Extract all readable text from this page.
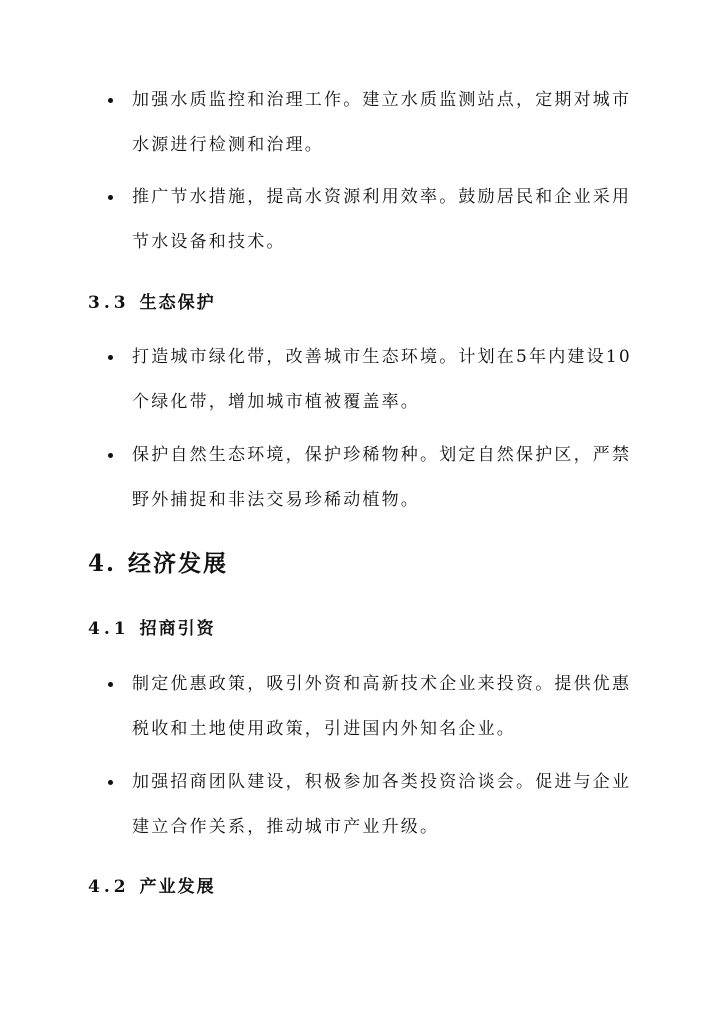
加强水质监控和治理工作。建立水质监测站点，定期对城市水源进行检测和治理。
推广节水措施，提高水资源利用效率。鼓励居民和企业采用节水设备和技术。
3.3 生态保护
打造城市绿化带，改善城市生态环境。计划在5年内建设10个绿化带，增加城市植被覆盖率。
保护自然生态环境，保护珍稀物种。划定自然保护区，严禁野外捕捉和非法交易珍稀动植物。
4. 经济发展
4.1 招商引资
制定优惠政策，吸引外资和高新技术企业来投资。提供优惠税收和土地使用政策，引进国内外知名企业。
加强招商团队建设，积极参加各类投资洽谈会。促进与企业建立合作关系，推动城市产业升级。
4.2 产业发展
